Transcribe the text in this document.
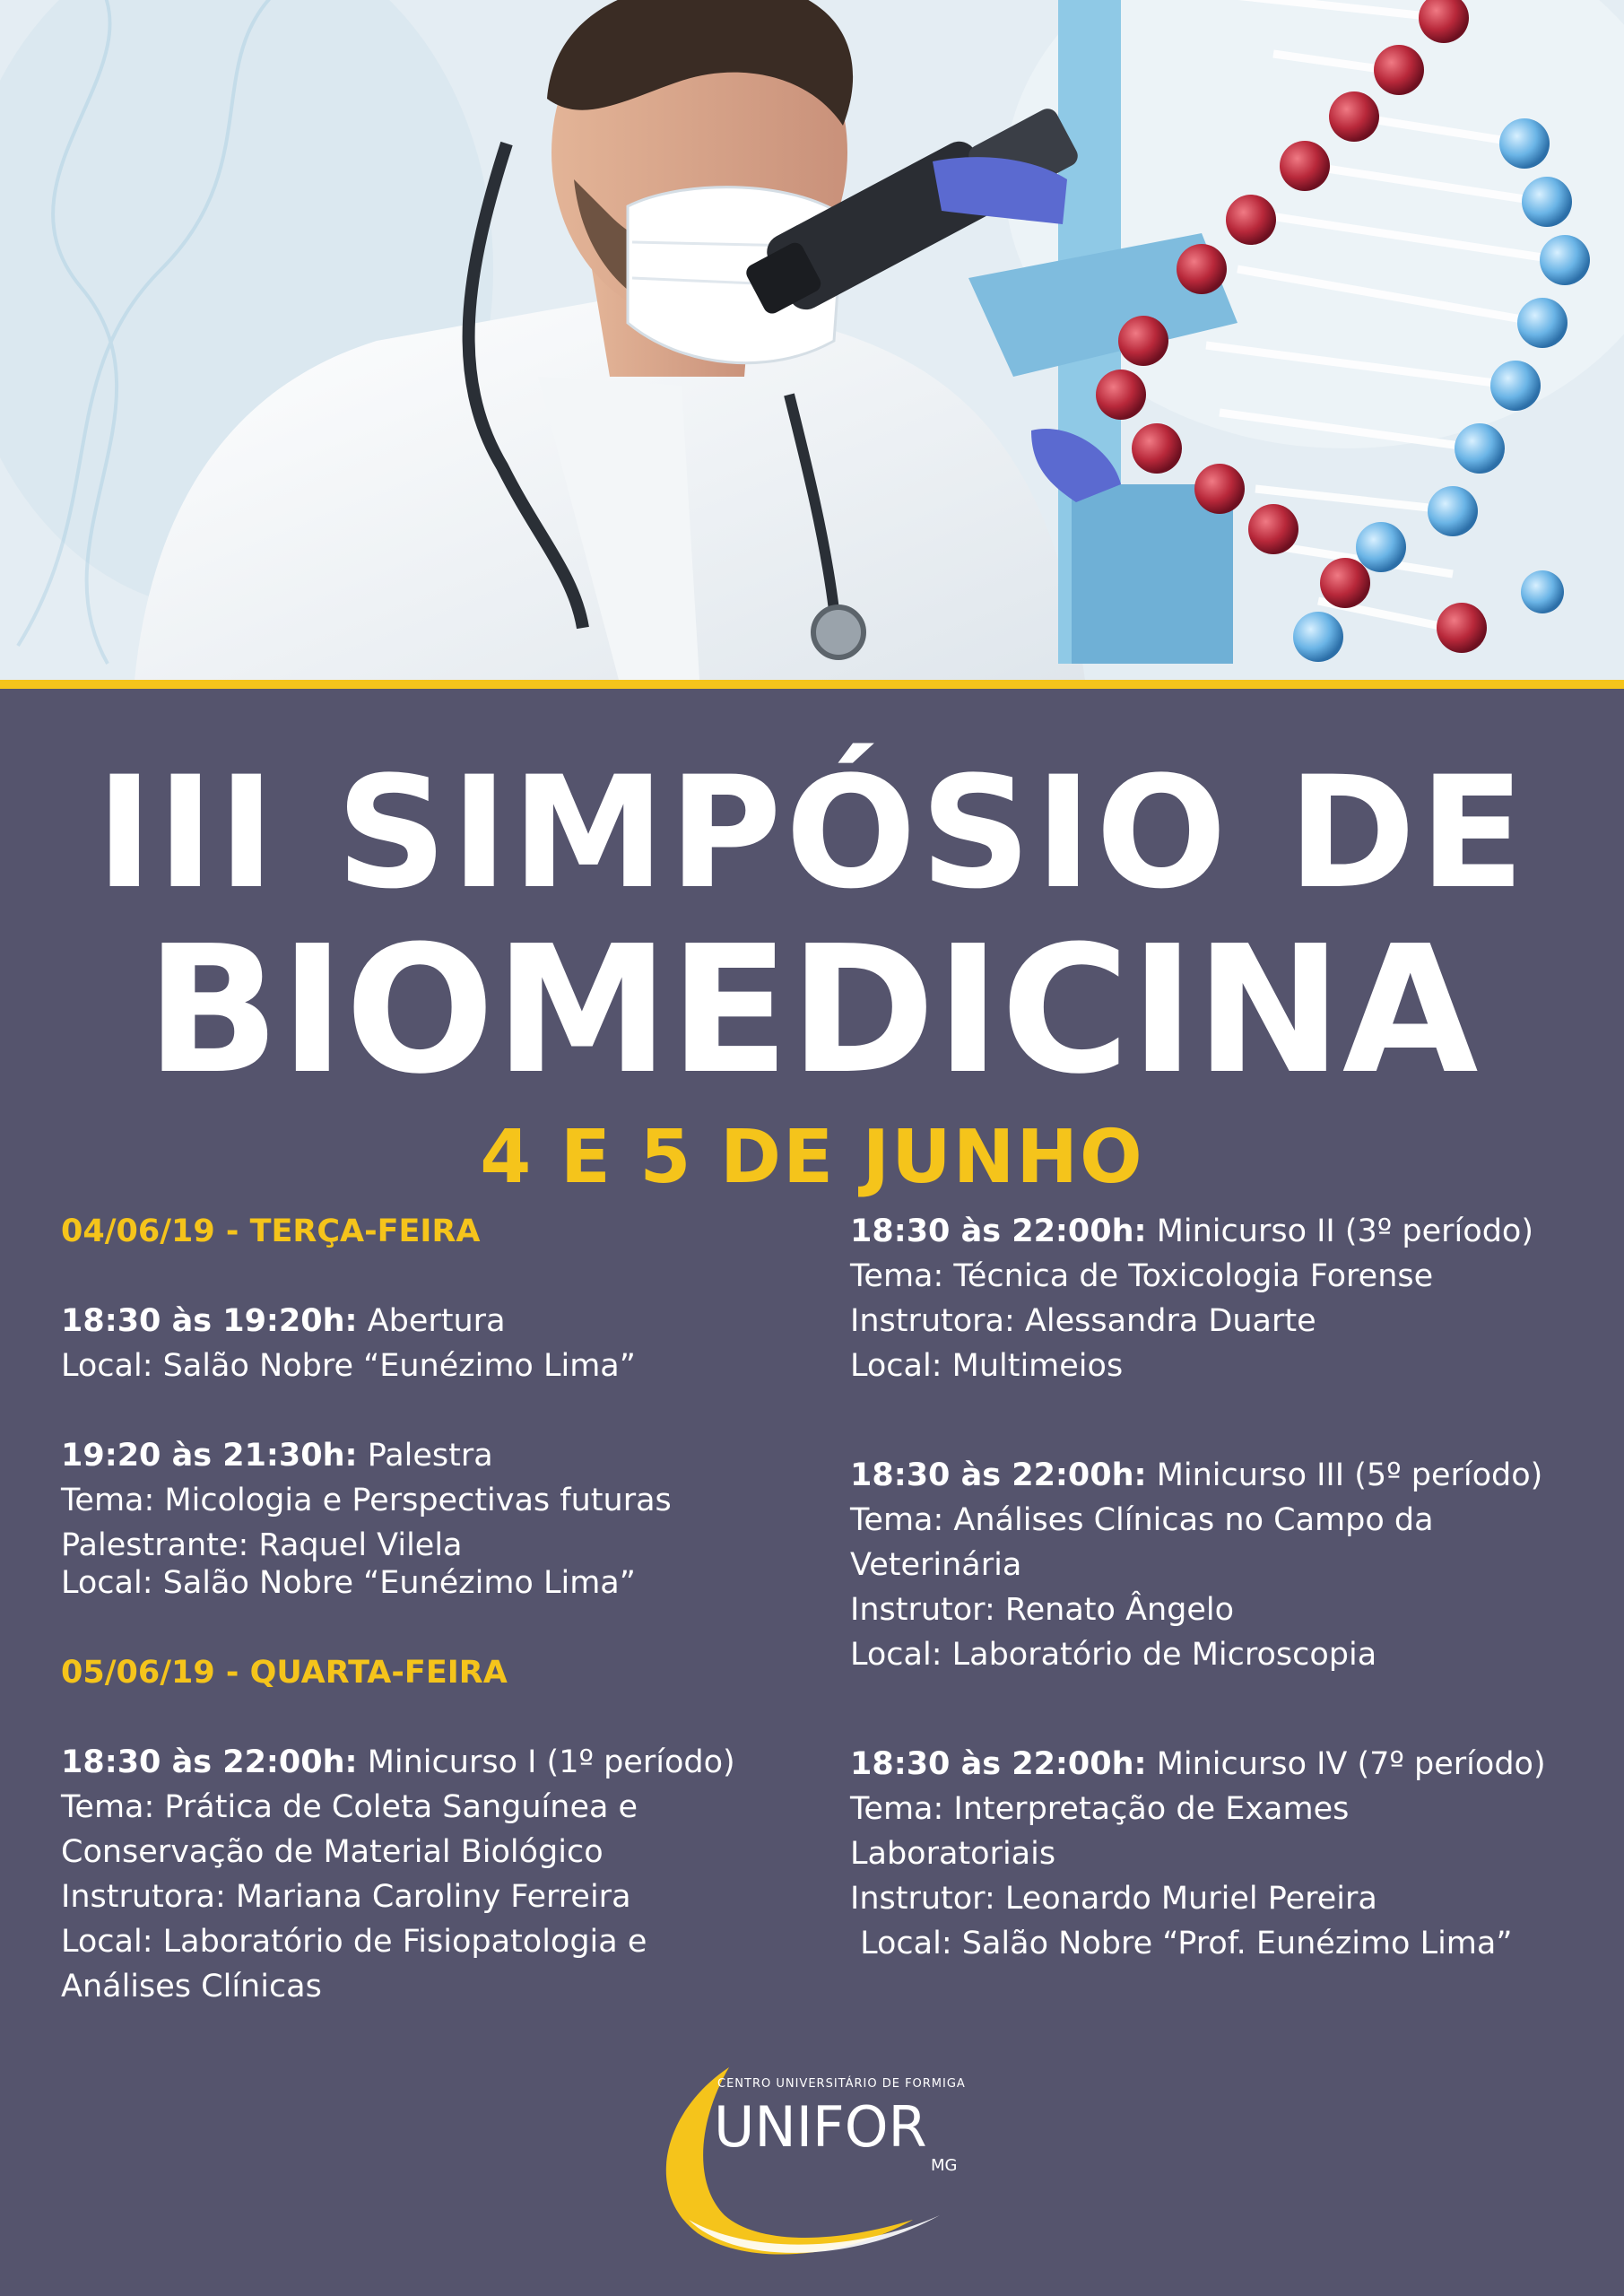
III SIMPÓSIO DE
BIOMEDICINA
4 E 5 DE JUNHO
04/06/19 - TERÇA-FEIRA
18:30 às 19:20h: Abertura
Local: Salão Nobre “Eunézimo Lima”
19:20 às 21:30h: Palestra
Tema: Micologia e Perspectivas futuras
Palestrante: Raquel Vilela
Local: Salão Nobre “Eunézimo Lima”
05/06/19 - QUARTA-FEIRA
18:30 às 22:00h: Minicurso I (1º período)
Tema: Prática de Coleta Sanguínea e
Conservação de Material Biológico
Instrutora: Mariana Caroliny Ferreira
Local: Laboratório de Fisiopatologia e
Análises Clínicas
18:30 às 22:00h: Minicurso II (3º período)
Tema: Técnica de Toxicologia Forense
Instrutora: Alessandra Duarte
Local: Multimeios
18:30 às 22:00h: Minicurso III (5º período)
Tema: Análises Clínicas no Campo da
Veterinária
Instrutor: Renato Ângelo
Local: Laboratório de Microscopia
18:30 às 22:00h: Minicurso IV (7º período)
Tema: Interpretação de Exames
Laboratoriais
Instrutor: Leonardo Muriel Pereira
Local: Salão Nobre “Prof. Eunézimo Lima”
CENTRO UNIVERSITÁRIO DE FORMIGA
UNIFOR
MG
